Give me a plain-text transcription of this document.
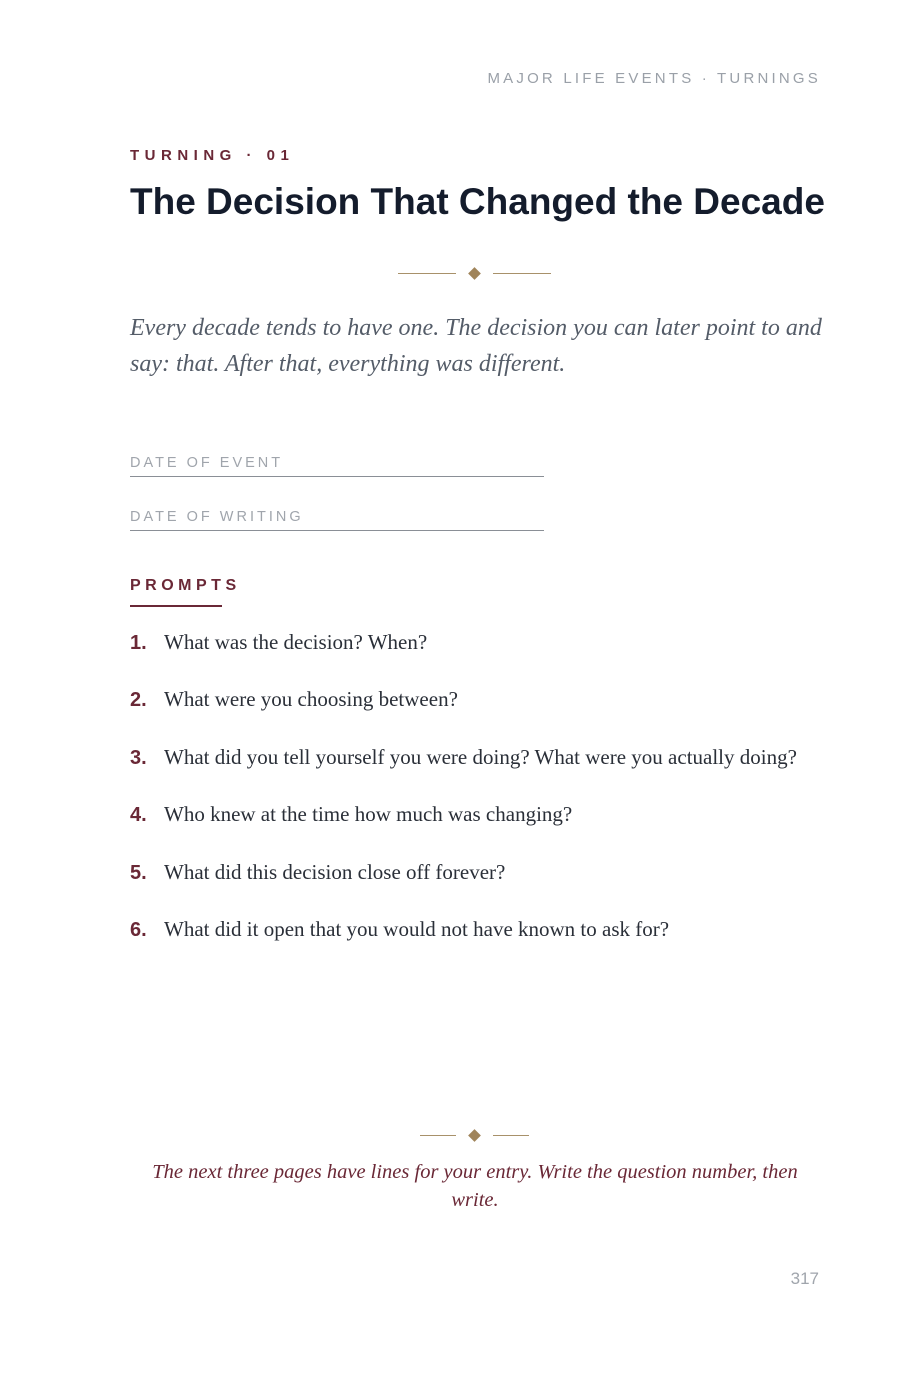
MAJOR LIFE EVENTS · TURNINGS
TURNING · 01
The Decision That Changed the Decade

Every decade tends to have one. The decision you can later point to and say: that. After that, everything was different.

DATE OF EVENT
DATE OF WRITING
PROMPTS
1. What was the decision? When?
2. What were you choosing between?
3. What did you tell yourself you were doing? What were you actually doing?
4. Who knew at the time how much was changing?
5. What did this decision close off forever?
6. What did it open that you would not have known to ask for?

The next three pages have lines for your entry. Write the question number, then write.

317
